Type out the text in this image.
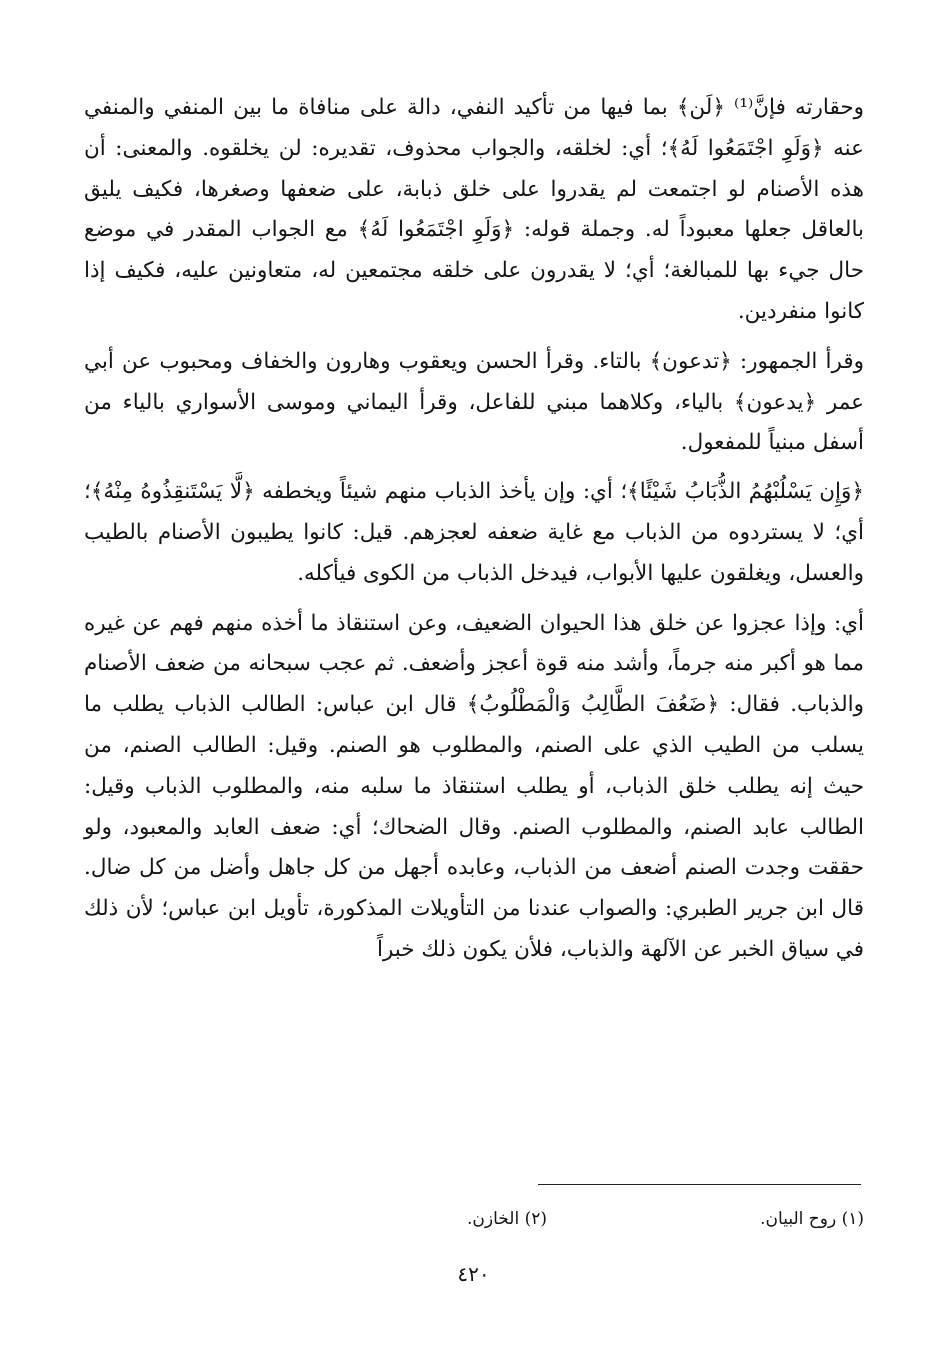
وحقارته فإنَّ⁽¹⁾ ﴿لَن﴾ بما فيها من تأكيد النفي، دالة على منافاة ما بين المنفي والمنفي عنه ﴿وَلَوِ اجْتَمَعُوا لَهُ﴾؛ أي: لخلقه، والجواب محذوف، تقديره: لن يخلقوه. والمعنى: أن هذه الأصنام لو اجتمعت لم يقدروا على خلق ذبابة، على ضعفها وصغرها، فكيف يليق بالعاقل جعلها معبوداً له. وجملة قوله: ﴿وَلَوِ اجْتَمَعُوا لَهُ﴾ مع الجواب المقدر في موضع حال جيء بها للمبالغة؛ أي؛ لا يقدرون على خلقه مجتمعين له، متعاونين عليه، فكيف إذا كانوا منفردين.

وقرأ الجمهور: ﴿تدعون﴾ بالتاء. وقرأ الحسن ويعقوب وهارون والخفاف ومحبوب عن أبي عمر ﴿يدعون﴾ بالياء، وكلاهما مبني للفاعل، وقرأ اليماني وموسى الأسواري بالياء من أسفل مبنياً للمفعول.

﴿وَإِن يَسْلُبْهُمُ الذُّبَابُ شَيْئًا﴾؛ أي: وإن يأخذ الذباب منهم شيئاً ويخطفه ﴿لَّا يَسْتَنقِذُوهُ مِنْهُ﴾؛ أي؛ لا يستردوه من الذباب مع غاية ضعفه لعجزهم. قيل: كانوا يطيبون الأصنام بالطيب والعسل، ويغلقون عليها الأبواب، فيدخل الذباب من الكوى فيأكله.

أي: وإذا عجزوا عن خلق هذا الحيوان الضعيف، وعن استنقاذ ما أخذه منهم فهم عن غيره مما هو أكبر منه جرماً، وأشد منه قوة أعجز وأضعف. ثم عجب سبحانه من ضعف الأصنام والذباب. فقال: ﴿ضَعُفَ الطَّالِبُ وَالْمَطْلُوبُ﴾ قال ابن عباس: الطالب الذباب يطلب ما يسلب من الطيب الذي على الصنم، والمطلوب هو الصنم. وقيل: الطالب الصنم، من حيث إنه يطلب خلق الذباب، أو يطلب استنقاذ ما سلبه منه، والمطلوب الذباب وقيل: الطالب عابد الصنم، والمطلوب الصنم. وقال الضحاك؛ أي: ضعف العابد والمعبود، ولو حققت وجدت الصنم أضعف من الذباب، وعابده أجهل من كل جاهل وأضل من كل ضال. قال ابن جرير الطبري: والصواب عندنا من التأويلات المذكورة، تأويل ابن عباس؛ لأن ذلك في سياق الخبر عن الآلهة والذباب، فلأن يكون ذلك خبراً

(١) روح البيان.
(٢) الخازن.
٤٢٠
